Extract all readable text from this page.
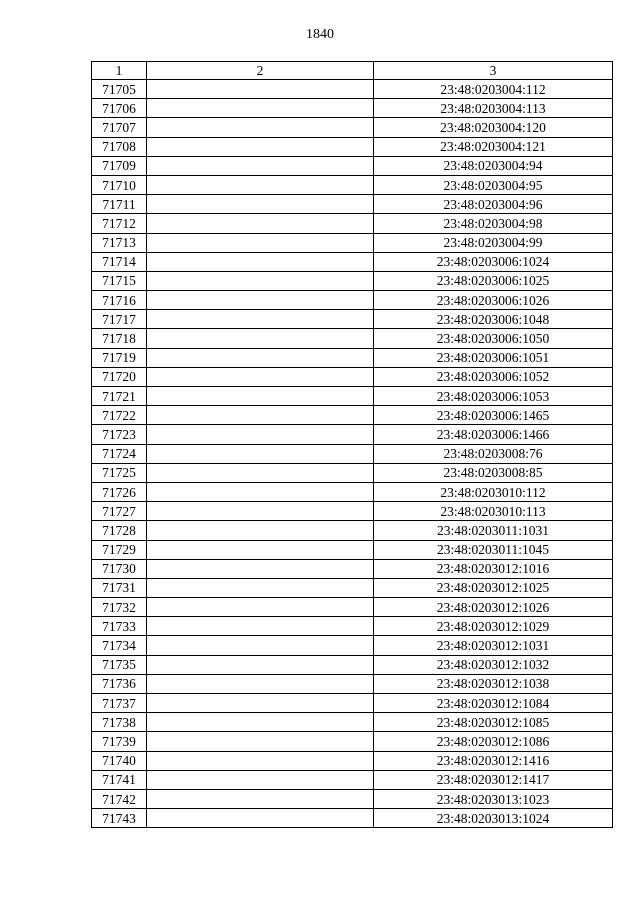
1840
1	2	3
71705		23:48:0203004:112
71706		23:48:0203004:113
71707		23:48:0203004:120
71708		23:48:0203004:121
71709		23:48:0203004:94
71710		23:48:0203004:95
71711		23:48:0203004:96
71712		23:48:0203004:98
71713		23:48:0203004:99
71714		23:48:0203006:1024
71715		23:48:0203006:1025
71716		23:48:0203006:1026
71717		23:48:0203006:1048
71718		23:48:0203006:1050
71719		23:48:0203006:1051
71720		23:48:0203006:1052
71721		23:48:0203006:1053
71722		23:48:0203006:1465
71723		23:48:0203006:1466
71724		23:48:0203008:76
71725		23:48:0203008:85
71726		23:48:0203010:112
71727		23:48:0203010:113
71728		23:48:0203011:1031
71729		23:48:0203011:1045
71730		23:48:0203012:1016
71731		23:48:0203012:1025
71732		23:48:0203012:1026
71733		23:48:0203012:1029
71734		23:48:0203012:1031
71735		23:48:0203012:1032
71736		23:48:0203012:1038
71737		23:48:0203012:1084
71738		23:48:0203012:1085
71739		23:48:0203012:1086
71740		23:48:0203012:1416
71741		23:48:0203012:1417
71742		23:48:0203013:1023
71743		23:48:0203013:1024
